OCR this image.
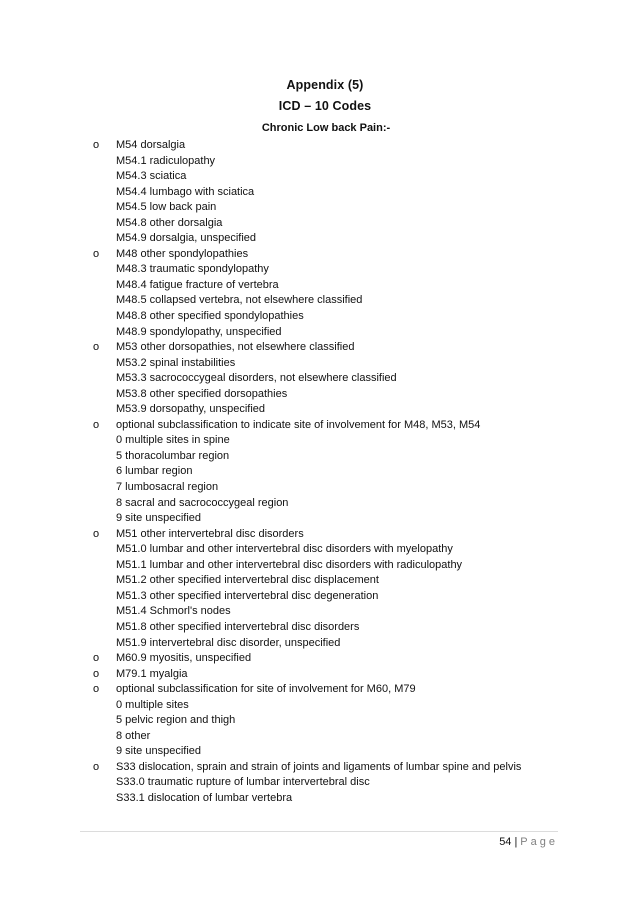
Appendix (5)
ICD – 10 Codes
Chronic Low back Pain:-
o	M54 dorsalgia
M54.1 radiculopathy
M54.3 sciatica
M54.4 lumbago with sciatica
M54.5 low back pain
M54.8 other dorsalgia
M54.9 dorsalgia, unspecified
o	M48 other spondylopathies
M48.3 traumatic spondylopathy
M48.4 fatigue fracture of vertebra
M48.5 collapsed vertebra, not elsewhere classified
M48.8 other specified spondylopathies
M48.9 spondylopathy, unspecified
o	M53 other dorsopathies, not elsewhere classified
M53.2 spinal instabilities
M53.3 sacrococcygeal disorders, not elsewhere classified
M53.8 other specified dorsopathies
M53.9 dorsopathy, unspecified
o	optional subclassification to indicate site of involvement for M48, M53, M54
0 multiple sites in spine
5 thoracolumbar region
6 lumbar region
7 lumbosacral region
8 sacral and sacrococcygeal region
9 site unspecified
o	M51 other intervertebral disc disorders
M51.0 lumbar and other intervertebral disc disorders with myelopathy
M51.1 lumbar and other intervertebral disc disorders with radiculopathy
M51.2 other specified intervertebral disc displacement
M51.3 other specified intervertebral disc degeneration
M51.4 Schmorl's nodes
M51.8 other specified intervertebral disc disorders
M51.9 intervertebral disc disorder, unspecified
o	M60.9 myositis, unspecified
o	M79.1 myalgia
o	optional subclassification for site of involvement for M60, M79
0 multiple sites
5 pelvic region and thigh
8 other
9 site unspecified
o	S33 dislocation, sprain and strain of joints and ligaments of lumbar spine and pelvis
S33.0 traumatic rupture of lumbar intervertebral disc
S33.1 dislocation of lumbar vertebra
54 | Page
